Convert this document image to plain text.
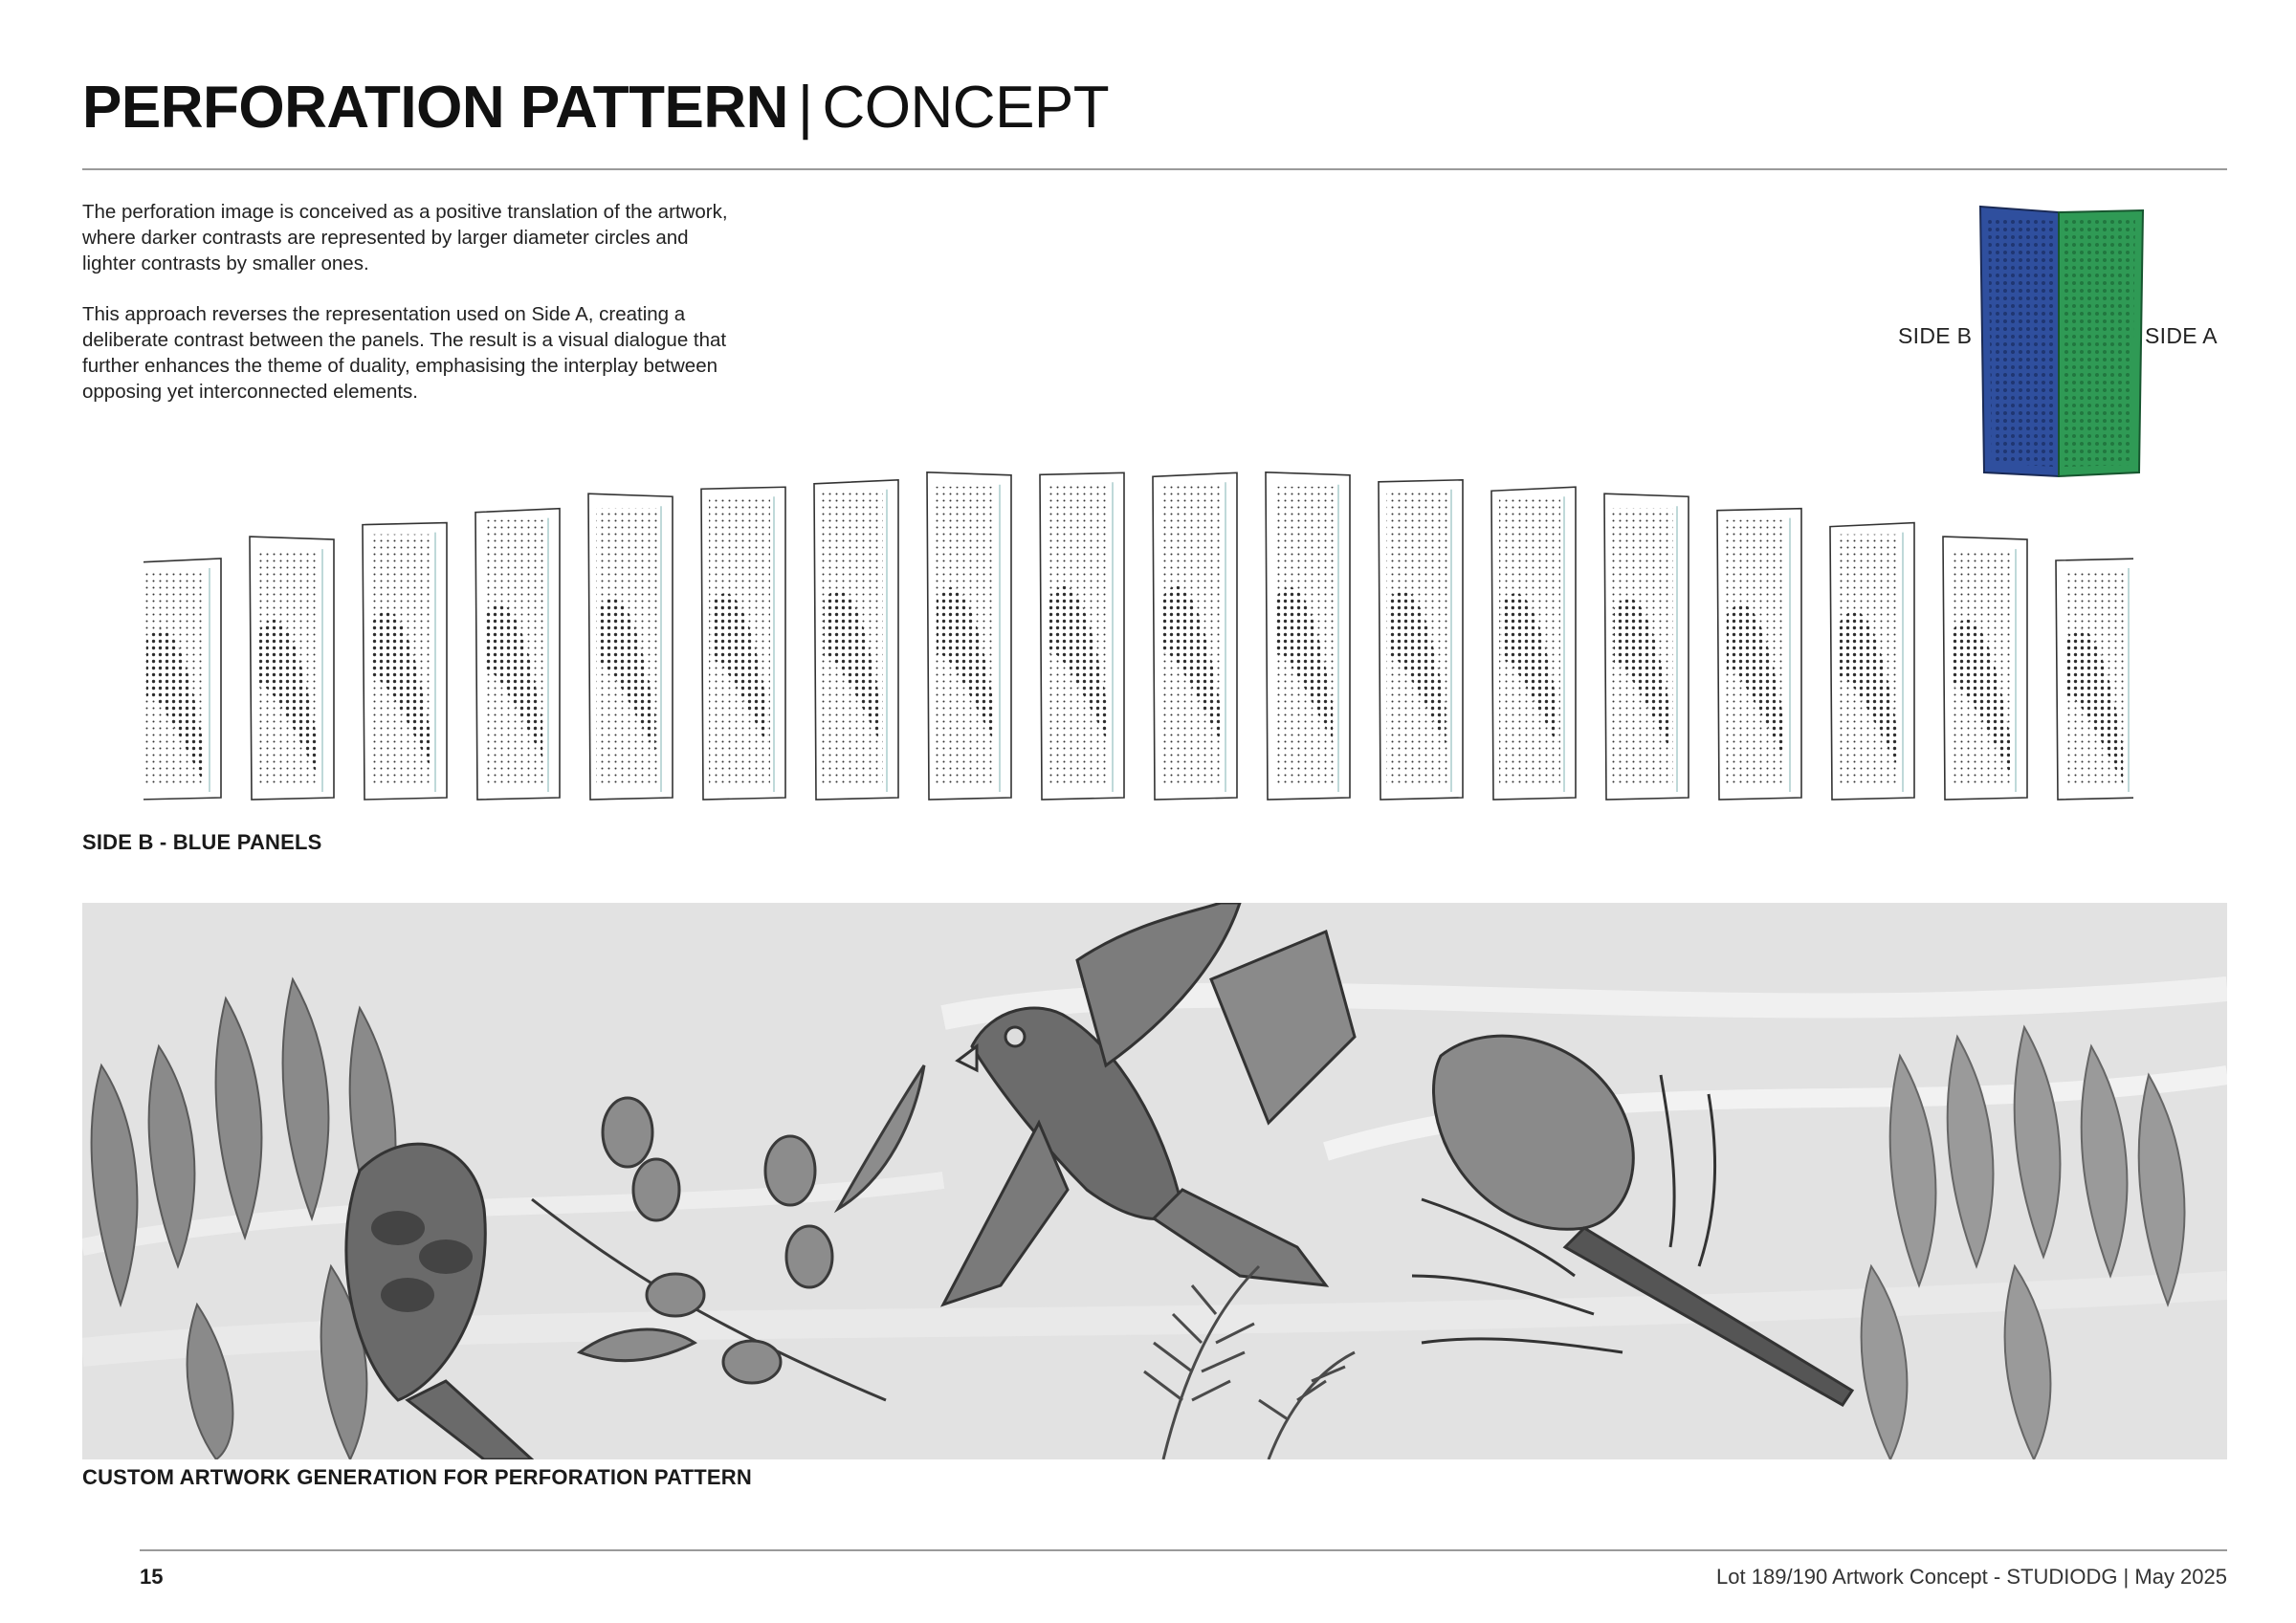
PERFORATION PATTERN | CONCEPT

The perforation image is conceived as a positive translation of the artwork, where darker contrasts are represented by larger diameter circles and lighter contrasts by smaller ones.

This approach reverses the representation used on Side A, creating a deliberate contrast between the panels. The result is a visual dialogue that further enhances the theme of duality, emphasising the interplay between opposing yet interconnected elements.

SIDE B	SIDE A
SIDE B - BLUE PANELS
CUSTOM ARTWORK GENERATION FOR PERFORATION PATTERN
15	Lot 189/190 Artwork Concept - STUDIODG | May 2025
